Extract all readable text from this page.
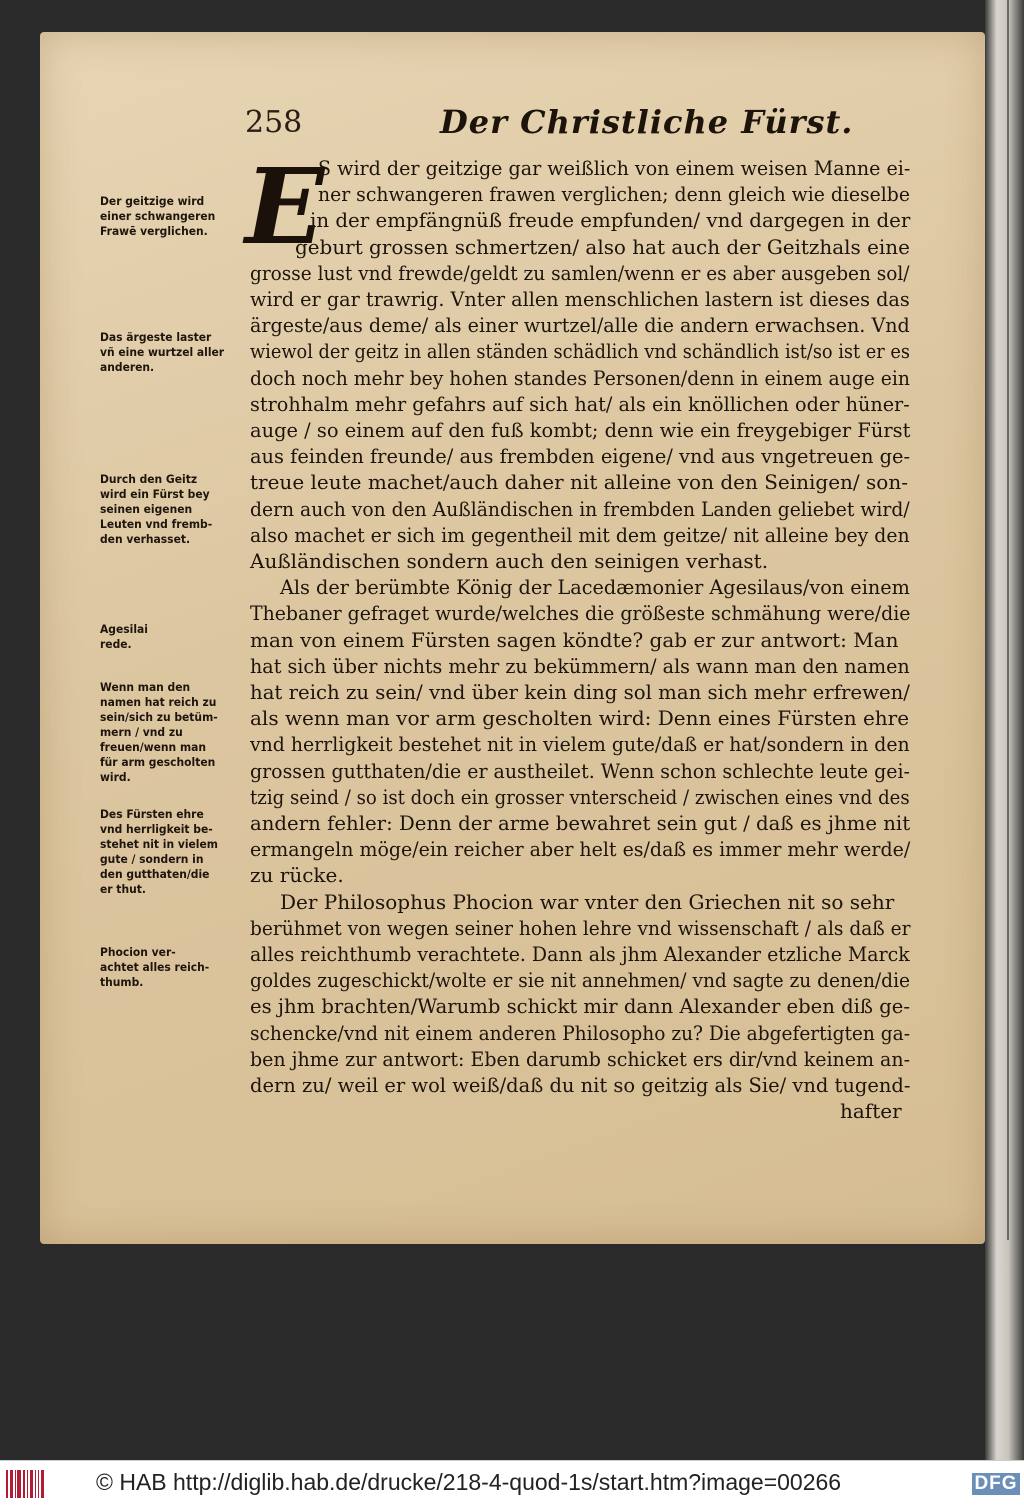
258	Der Christliche Fürst.
E
Der geitzige wird
einer schwangeren
Frawē verglichen.
Das ärgeste laster
vñ eine wurtzel aller
anderen.
Durch den Geitz
wird ein Fürst bey
seinen eigenen
Leuten vnd fremb-
den verhasset.
Agesilai
rede.
Wenn man den
namen hat reich zu
sein/sich zu betüm-
mern / vnd zu
freuen/wenn man
für arm gescholten
wird.
Des Fürsten ehre
vnd herrligkeit be-
stehet nit in vielem
gute / sondern in
den gutthaten/die
er thut.
Phocion ver-
achtet alles reich-
thumb.
S wird der geitzige gar weißlich von einem weisen Manne ei-
ner schwangeren frawen verglichen; denn gleich wie dieselbe
in der empfängnüß freude empfunden/ vnd dargegen in der
geburt grossen schmertzen/ also hat auch der Geitzhals eine
grosse lust vnd frewde/geldt zu samlen/wenn er es aber ausgeben sol/
wird er gar trawrig. Vnter allen menschlichen lastern ist dieses das
ärgeste/aus deme/ als einer wurtzel/alle die andern erwachsen. Vnd
wiewol der geitz in allen ständen schädlich vnd schändlich ist/so ist er es
doch noch mehr bey hohen standes Personen/denn in einem auge ein
strohhalm mehr gefahrs auf sich hat/ als ein knöllichen oder hüner-
auge / so einem auf den fuß kombt; denn wie ein freygebiger Fürst
aus feinden freunde/ aus frembden eigene/ vnd aus vngetreuen ge-
treue leute machet/auch daher nit alleine von den Seinigen/ son-
dern auch von den Außländischen in frembden Landen geliebet wird/
also machet er sich im gegentheil mit dem geitze/ nit alleine bey den
Außländischen sondern auch den seinigen verhast.
Als der berümbte König der Lacedæmonier Agesilaus/von einem
Thebaner gefraget wurde/welches die größeste schmähung were/die
man von einem Fürsten sagen köndte? gab er zur antwort: Man
hat sich über nichts mehr zu bekümmern/ als wann man den namen
hat reich zu sein/ vnd über kein ding sol man sich mehr erfrewen/
als wenn man vor arm gescholten wird: Denn eines Fürsten ehre
vnd herrligkeit bestehet nit in vielem gute/daß er hat/sondern in den
grossen gutthaten/die er austheilet. Wenn schon schlechte leute gei-
tzig seind / so ist doch ein grosser vnterscheid / zwischen eines vnd des
andern fehler: Denn der arme bewahret sein gut / daß es jhme nit
ermangeln möge/ein reicher aber helt es/daß es immer mehr werde/
zu rücke.
Der Philosophus Phocion war vnter den Griechen nit so sehr
berühmet von wegen seiner hohen lehre vnd wissenschaft / als daß er
alles reichthumb verachtete. Dann als jhm Alexander etzliche Marck
goldes zugeschickt/wolte er sie nit annehmen/ vnd sagte zu denen/die
es jhm brachten/Warumb schickt mir dann Alexander eben diß ge-
schencke/vnd nit einem anderen Philosopho zu? Die abgefertigten ga-
ben jhme zur antwort: Eben darumb schicket ers dir/vnd keinem an-
dern zu/ weil er wol weiß/daß du nit so geitzig als Sie/ vnd tugend-
hafter
© HAB http://diglib.hab.de/drucke/218-4-quod-1s/start.htm?image=00266	DFG
